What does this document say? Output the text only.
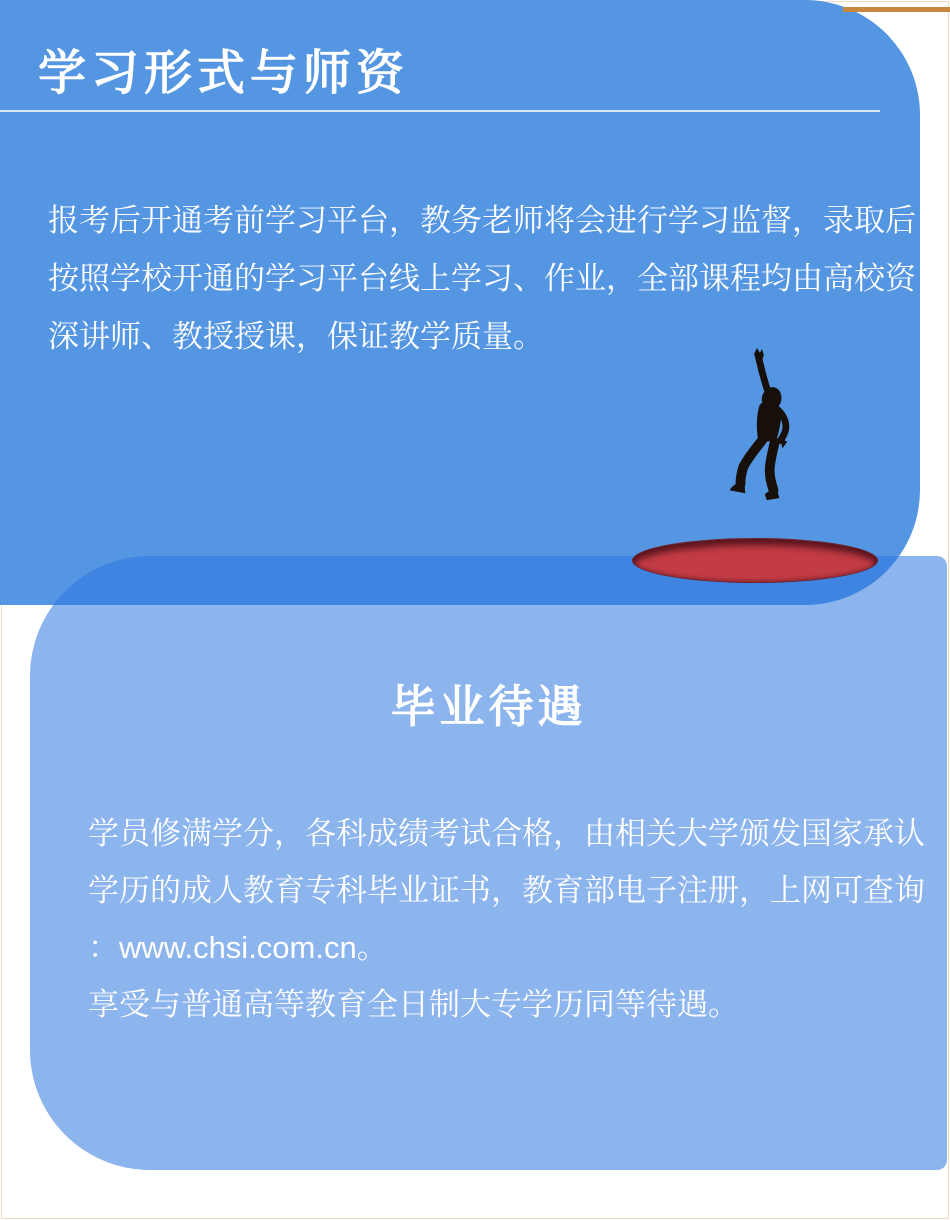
学习形式与师资
报考后开通考前学习平台，教务老师将会进行学习监督，录取后
按照学校开通的学习平台线上学习、作业，全部课程均由高校资
深讲师、教授授课，保证教学质量。
毕业待遇
学员修满学分，各科成绩考试合格，由相关大学颁发国家承认
学历的成人教育专科毕业证书，教育部电子注册，上网可查询
：www.chsi.com.cn。
享受与普通高等教育全日制大专学历同等待遇。
